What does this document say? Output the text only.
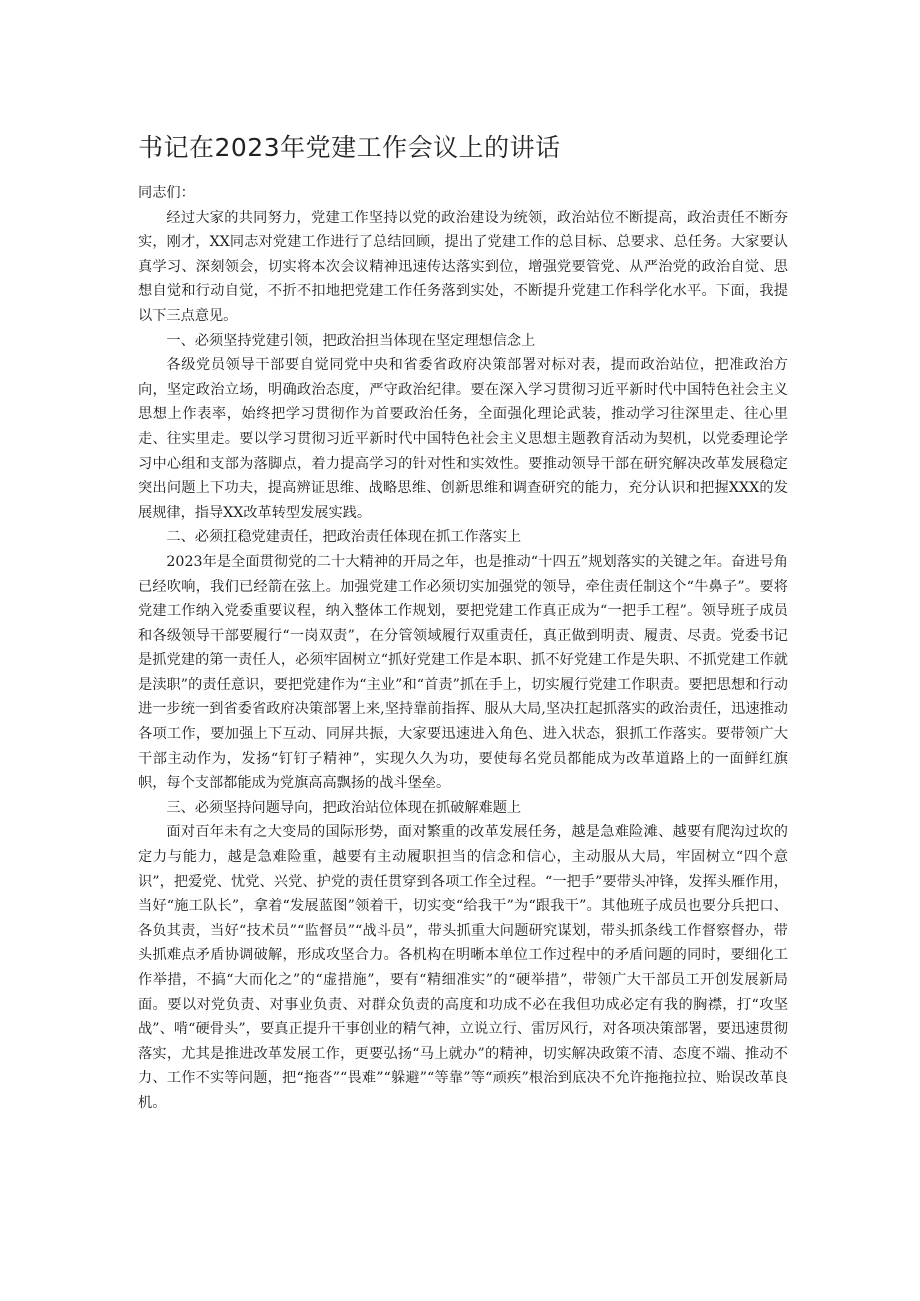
书记在2023年党建工作会议上的讲话

同志们：

经过大家的共同努力，党建工作坚持以党的政治建设为统领，政治站位不断提高，政治责任不断夯实，刚才，XX同志对党建工作进行了总结回顾，提出了党建工作的总目标、总要求、总任务。大家要认真学习、深刻领会，切实将本次会议精神迅速传达落实到位，增强党要管党、从严治党的政治自觉、思想自觉和行动自觉，不折不扣地把党建工作任务落到实处，不断提升党建工作科学化水平。下面，我提以下三点意见。

一、必须坚持党建引领，把政治担当体现在坚定理想信念上

各级党员领导干部要自觉同党中央和省委省政府决策部署对标对表，提而政治站位，把准政治方向，坚定政治立场，明确政治态度，严守政治纪律。要在深入学习贯彻习近平新时代中国特色社会主义思想上作表率，始终把学习贯彻作为首要政治任务，全面强化理论武装，推动学习往深里走、往心里走、往实里走。要以学习贯彻习近平新时代中国特色社会主义思想主题教育活动为契机，以党委理论学习中心组和支部为落脚点，着力提高学习的针对性和实效性。要推动领导干部在研究解决改革发展稳定突出问题上下功夫，提高辨证思维、战略思维、创新思维和调查研究的能力，充分认识和把握XXX的发展规律，指导XX改革转型发展实践。

二、必须扛稳党建责任，把政治责任体现在抓工作落实上

2023年是全面贯彻党的二十大精神的开局之年，也是推动“十四五”规划落实的关键之年。奋进号角已经吹响，我们已经箭在弦上。加强党建工作必须切实加强党的领导，牵住责任制这个“牛鼻子”。要将党建工作纳入党委重要议程，纳入整体工作规划，要把党建工作真正成为“一把手工程”。领导班子成员和各级领导干部要履行“一岗双责”，在分管领域履行双重责任，真正做到明责、履责、尽责。党委书记是抓党建的第一责任人，必须牢固树立“抓好党建工作是本职、抓不好党建工作是失职、不抓党建工作就是渎职”的责任意识，要把党建作为“主业”和“首责”抓在手上，切实履行党建工作职责。要把思想和行动进一步统一到省委省政府决策部署上来,坚持靠前指挥、服从大局,坚决扛起抓落实的政治责任，迅速推动各项工作，要加强上下互动、同屏共振，大家要迅速进入角色、进入状态，狠抓工作落实。要带领广大干部主动作为，发扬“钉钉子精神”，实现久久为功，要使每名党员都能成为改革道路上的一面鲜红旗帜，每个支部都能成为党旗高高飘扬的战斗堡垒。

三、必须坚持问题导向，把政治站位体现在抓破解难题上

面对百年未有之大变局的国际形势，面对繁重的改革发展任务，越是急难险滩、越要有爬沟过坎的定力与能力，越是急难险重，越要有主动履职担当的信念和信心，主动服从大局，牢固树立“四个意识”，把爱党、忧党、兴党、护党的责任贯穿到各项工作全过程。“一把手”要带头冲锋，发挥头雁作用，当好“施工队长”，拿着“发展蓝图”领着干，切实变“给我干”为“跟我干”。其他班子成员也要分兵把口、各负其责，当好“技术员”“监督员”“战斗员”，带头抓重大问题研究谋划，带头抓条线工作督察督办，带头抓难点矛盾协调破解，形成攻坚合力。各机构在明晰本单位工作过程中的矛盾问题的同时，要细化工作举措，不搞“大而化之”的“虚措施”，要有“精细准实”的“硬举措”，带领广大干部员工开创发展新局面。要以对党负责、对事业负责、对群众负责的高度和功成不必在我但功成必定有我的胸襟，打“攻坚战”、啃“硬骨头”，要真正提升干事创业的精气神，立说立行、雷厉风行，对各项决策部署，要迅速贯彻落实，尤其是推进改革发展工作，更要弘扬“马上就办”的精神，切实解决政策不清、态度不端、推动不力、工作不实等问题，把“拖沓”“畏难”“躲避”“等靠”等“顽疾”根治到底决不允许拖拖拉拉、贻误改革良机。
